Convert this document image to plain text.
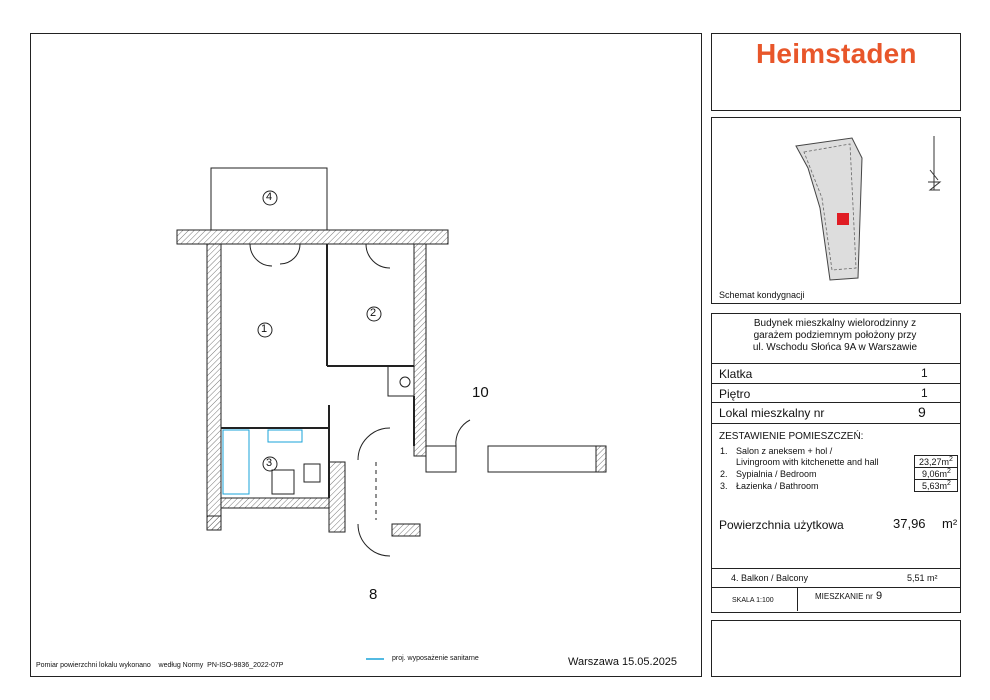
4
1
2
3
10
8
Pomiar powierzchni lokalu wykonano    według Normy  PN-ISO-9836_2022-07P
proj. wyposażenie sanitarne	Warszawa 15.05.2025
Heimstaden
Schemat kondygnacji
Budynek mieszkalny wielorodzinny z
garażem podziemnym położony przy
ul. Wschodu Słońca 9A w Warszawie
Klatka	1
Piętro	1
Lokal mieszkalny nr	9
ZESTAWIENIE POMIESZCZEŃ:
1. Salon z aneksem + hol /
Livingroom with kitchenette and hall	$23,27m^2$
2. Sypialnia / Bedroom	$9,06m^2$
3. Łazienka / Bathroom	$5,63m^2$
Powierzchnia użytkowa	37,96 m²
4. Balkon / Balcony	5,51 m²
SKALA 1:100	MIESZKANIE nr 9
